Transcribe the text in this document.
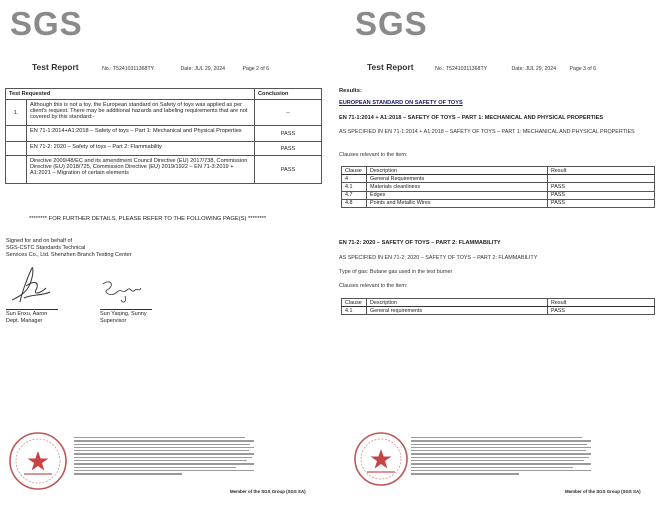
SGS
Test Report	No.: T52410311368TY	Date: JUL 29, 2024	Page 2 of 6
Test Requested		Conclusion
1.	Although this is not a toy, the European standard on Safety of toys was applied as per client's request. There may be additional hazards and labeling requirements that are not covered by this standard:-	--
	EN 71-1:2014+A1:2018 – Safety of toys – Part 1: Mechanical and Physical Properties	PASS
	EN 71-2: 2020 – Safety of toys – Part 2: Flammability	PASS
	Directive 2009/48/EC and its amendment Council Directive (EU) 2017/738, Commission Directive (EU) 2018/725, Commission Directive (EU) 2019/1922 – EN 71-3:2019 + A1:2021 – Migration of certain elements	PASS
******** FOR FURTHER DETAILS, PLEASE REFER TO THE FOLLOWING PAGE(S) ********
Signed for and on behalf of
SGS-CSTC Standards Technical
Services Co., Ltd. Shenzhen Branch Testing Center
Sun Enxu, Aaron
Dept. Manager
Sun Yaqing, Sunny
Supervisor
Member of the SGS Group (SGS SA)
SGS
Test Report	No.: T52410311368TY	Date: JUL 29, 2024	Page 3 of 6
Results:
EUROPEAN STANDARD ON SAFETY OF TOYS
EN 71-1:2014 + A1:2018 – SAFETY OF TOYS – PART 1: MECHANICAL AND PHYSICAL PROPERTIES
AS SPECIFIED IN EN 71-1:2014 + A1:2018 – SAFETY OF TOYS – PART 1: MECHANICAL AND PHYSICAL PROPERTIES
Clauses relevant to the item:
Clause	Description	Result
4	General Requirements	
4.1	Materials cleanliness	PASS
4.7	Edges	PASS
4.8	Points and Metallic Wires	PASS
EN 71-2: 2020 – SAFETY OF TOYS – PART 2: FLAMMABILITY
AS SPECIFIED IN EN 71-2: 2020 – SAFETY OF TOYS – PART 2: FLAMMABILITY
Type of gas: Butane gas used in the test burner
Clauses relevant to the item:
Clause	Description	Result
4.1	General requirements	PASS
Member of the SGS Group (SGS SA)
